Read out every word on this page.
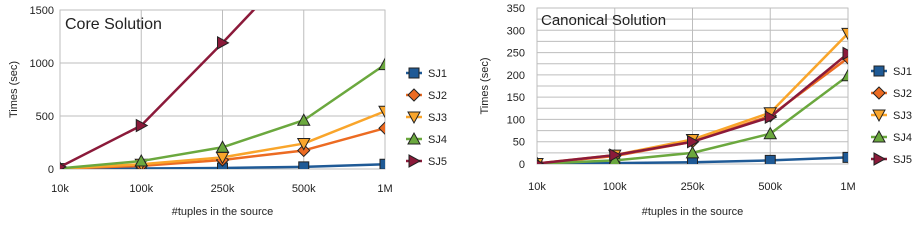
0
500
1000
1500
10k	100k	250k	500k	1M
Core Solution
#tuples in the source
Times (sec)	SJ1
SJ2
SJ3
SJ4
SJ5	0
50
100
150
200
250
300
350
10k	100k	250k	500k	1M
Canonical Solution
#tuples in the source
Times (sec)	SJ1
SJ2
SJ3
SJ4
SJ5
